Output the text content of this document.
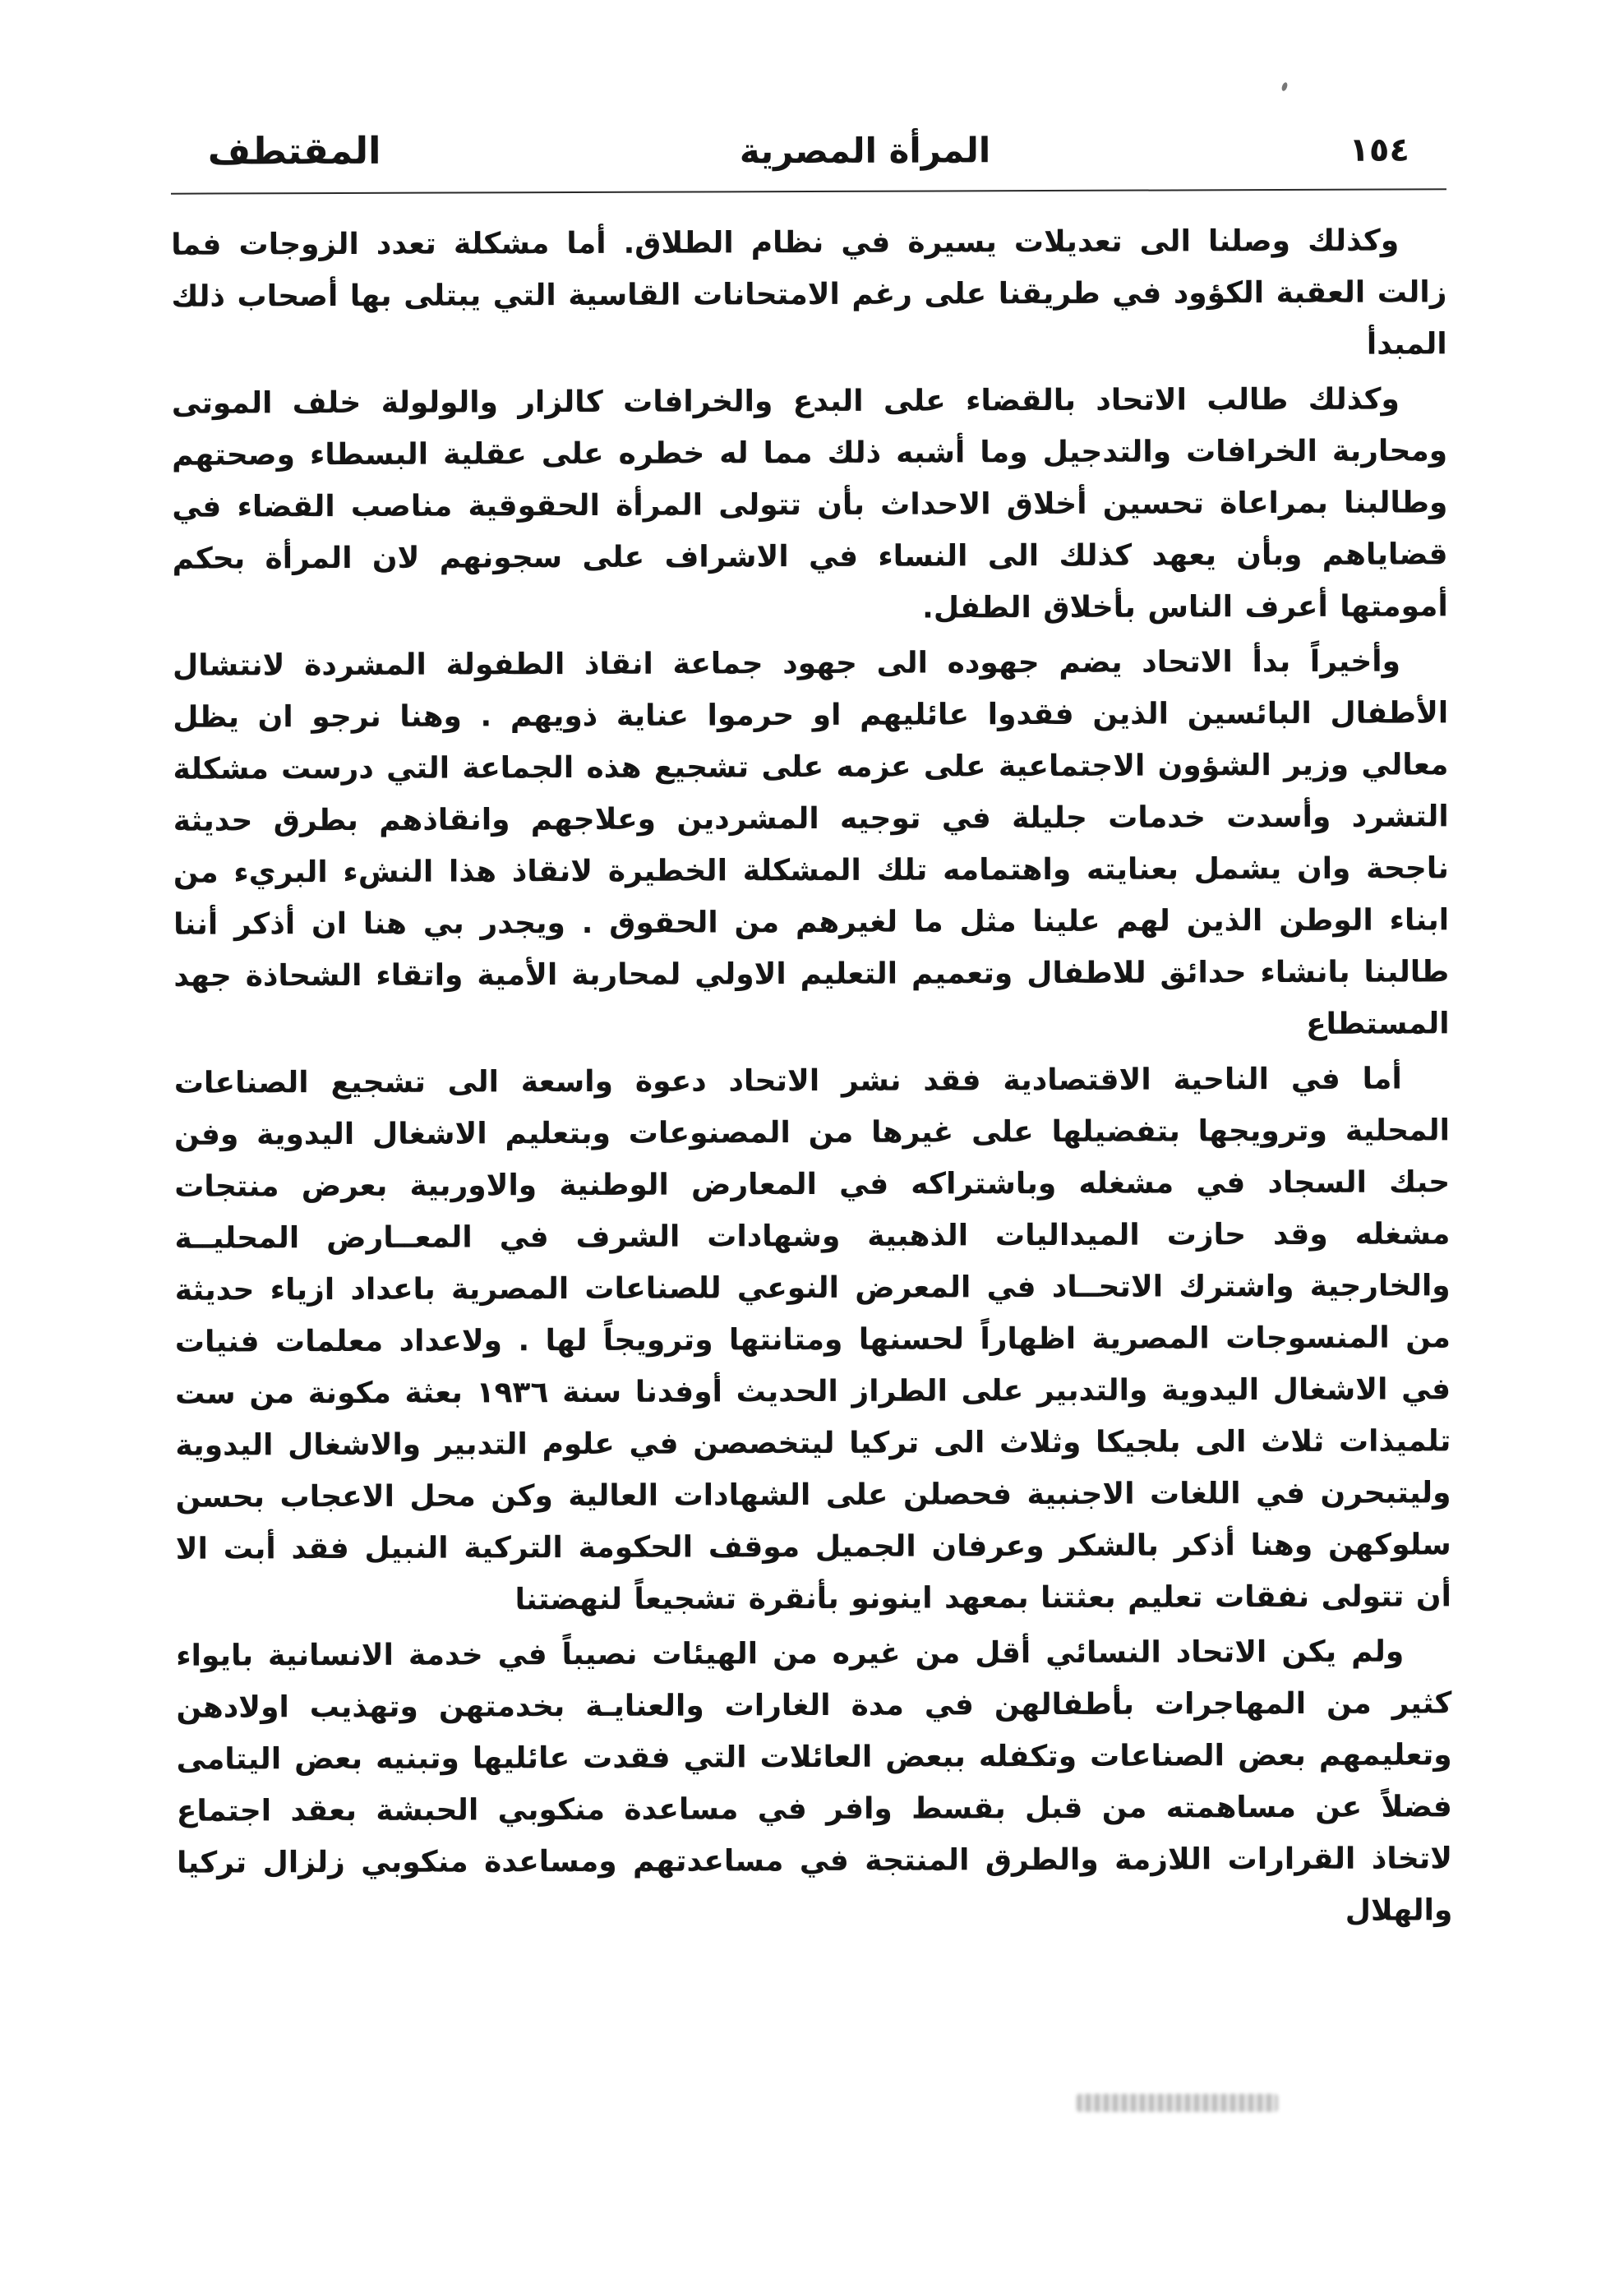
المقتطف	المرأة المصرية	١٥٤

وكذلك وصلنا الى تعديلات يسيرة في نظام الطلاق. أما مشكلة تعدد الزوجات فما زالت العقبة الكؤود في طريقنا على رغم الامتحانات القاسية التي يبتلى بها أصحاب ذلك المبدأ

وكذلك طالب الاتحاد بالقضاء على البدع والخرافات كالزار والولولة خلف الموتى ومحاربة الخرافات والتدجيل وما أشبه ذلك مما له خطره على عقلية البسطاء وصحتهم وطالبنا بمراعاة تحسين أخلاق الاحداث بأن تتولى المرأة الحقوقية مناصب القضاء في قضاياهم وبأن يعهد كذلك الى النساء في الاشراف على سجونهم لان المرأة بحكم أمومتها أعرف الناس بأخلاق الطفل.

وأخيراً بدأ الاتحاد يضم جهوده الى جهود جماعة انقاذ الطفولة المشردة لانتشال الأطفال البائسين الذين فقدوا عائليهم او حرموا عناية ذويهم . وهنا نرجو ان يظل معالي وزير الشؤون الاجتماعية على عزمه على تشجيع هذه الجماعة التي درست مشكلة التشرد وأسدت خدمات جليلة في توجيه المشردين وعلاجهم وانقاذهم بطرق حديثة ناجحة وان يشمل بعنايته واهتمامه تلك المشكلة الخطيرة لانقاذ هذا النشء البريء من ابناء الوطن الذين لهم علينا مثل ما لغيرهم من الحقوق . ويجدر بي هنا ان أذكر أننا طالبنا بانشاء حدائق للاطفال وتعميم التعليم الاولي لمحاربة الأمية واتقاء الشحاذة جهد المستطاع

أما في الناحية الاقتصادية فقد نشر الاتحاد دعوة واسعة الى تشجيع الصناعات المحلية وترويجها بتفضيلها على غيرها من المصنوعات وبتعليم الاشغال اليدوية وفن حبك السجاد في مشغله وباشتراكه في المعارض الوطنية والاوربية بعرض منتجات مشغله وقد حازت الميداليات الذهبية وشهادات الشرف في المعــارض المحليــة والخارجية واشترك الاتحــاد في المعرض النوعي للصناعات المصرية باعداد ازياء حديثة من المنسوجات المصرية اظهاراً لحسنها ومتانتها وترويجاً لها . ولاعداد معلمات فنيات في الاشغال اليدوية والتدبير على الطراز الحديث أوفدنا سنة ١٩٣٦ بعثة مكونة من ست تلميذات ثلاث الى بلجيكا وثلاث الى تركيا ليتخصصن في علوم التدبير والاشغال اليدوية وليتبحرن في اللغات الاجنبية فحصلن على الشهادات العالية وكن محل الاعجاب بحسن سلوكهن وهنا أذكر بالشكر وعرفان الجميل موقف الحكومة التركية النبيل فقد أبت الا أن تتولى نفقات تعليم بعثتنا بمعهد اينونو بأنقرة تشجيعاً لنهضتنا

ولم يكن الاتحاد النسائي أقل من غيره من الهيئات نصيباً في خدمة الانسانية بايواء كثير من المهاجرات بأطفالهن في مدة الغارات والعنايـة بخدمتهن وتهذيب اولادهن وتعليمهم بعض الصناعات وتكفله ببعض العائلات التي فقدت عائليها وتبنيه بعض اليتامى فضلاً عن مساهمته من قبل بقسط وافر في مساعدة منكوبي الحبشة بعقد اجتماع لاتخاذ القرارات اللازمة والطرق المنتجة في مساعدتهم ومساعدة منكوبي زلزال تركيا والهلال
